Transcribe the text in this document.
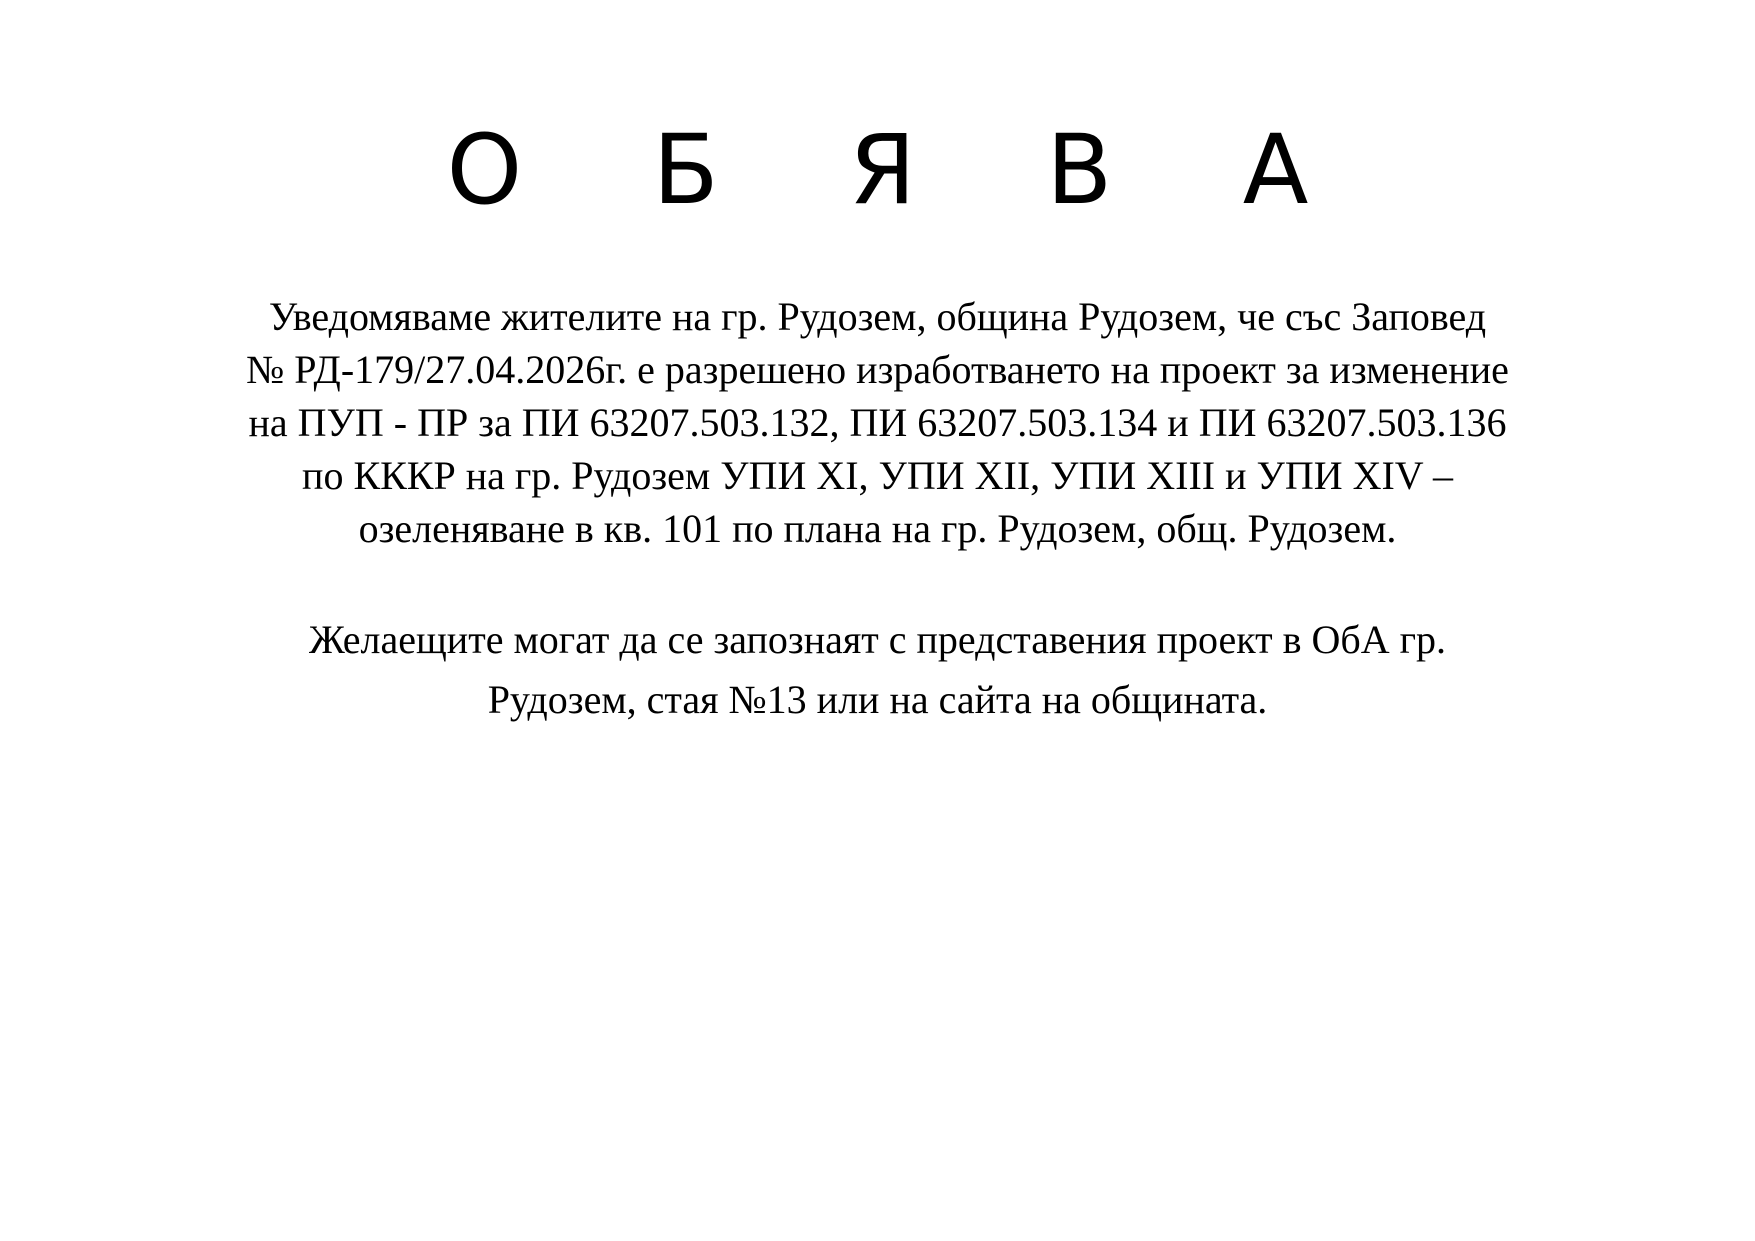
О Б Я В А
Уведомяваме жителите на гр. Рудозем, община Рудозем, че със Заповед
№ РД-179/27.04.2026г. е разрешено изработването на проект за изменение
на ПУП - ПР за ПИ 63207.503.132, ПИ 63207.503.134 и ПИ 63207.503.136
по КККР на гр. Рудозем УПИ XI, УПИ XII, УПИ XIII и УПИ XIV –
озеленяване в кв. 101 по плана на гр. Рудозем, общ. Рудозем.
Желаещите могат да се запознаят с представения проект в ОбА гр.
Рудозем, стая №13 или на сайта на общината.
